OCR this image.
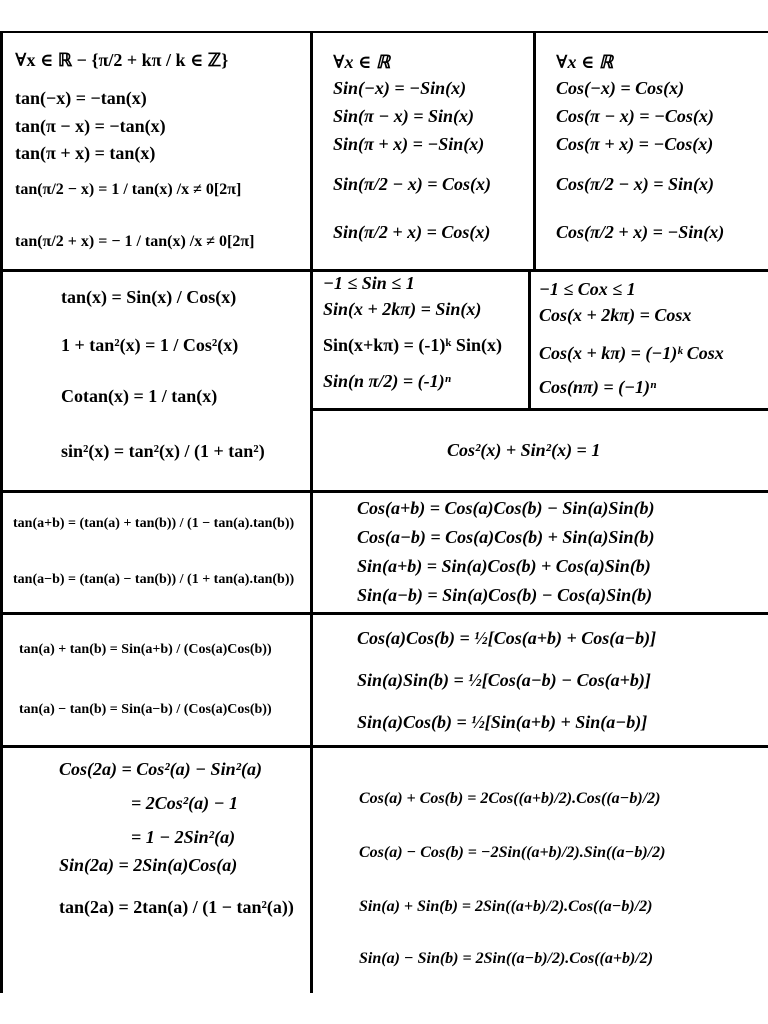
∀x ∈ ℝ − {π/2 + kπ / k ∈ ℤ}
tan(−x) = −tan(x)
tan(π − x) = −tan(x)
tan(π + x) = tan(x)
tan(π/2 − x) = 1 / tan(x) /x ≠ 0[2π]
tan(π/2 + x) = − 1 / tan(x) /x ≠ 0[2π]
∀x ∈ ℝ
Sin(−x) = −Sin(x)
Sin(π − x) = Sin(x)
Sin(π + x) = −Sin(x)
Sin(π/2 − x) = Cos(x)
Sin(π/2 + x) = Cos(x)
∀x ∈ ℝ
Cos(−x) = Cos(x)
Cos(π − x) = −Cos(x)
Cos(π + x) = −Cos(x)
Cos(π/2 − x) = Sin(x)
Cos(π/2 + x) = −Sin(x)
tan(x) = Sin(x) / Cos(x)
1 + tan²(x) = 1 / Cos²(x)
Cotan(x) = 1 / tan(x)
sin²(x) = tan²(x) / (1 + tan²)
−1 ≤ Sin ≤ 1
Sin(x + 2kπ) = Sin(x)
Sin(x+kπ) = (-1)ᵏ Sin(x)
Sin(n π/2) = (-1)ⁿ
−1 ≤ Cox ≤ 1
Cos(x + 2kπ) = Cosx
Cos(x + kπ) = (−1)ᵏ Cosx
Cos(nπ) = (−1)ⁿ
Cos²(x) + Sin²(x) = 1
tan(a+b) = (tan(a) + tan(b)) / (1 − tan(a).tan(b))
tan(a−b) = (tan(a) − tan(b)) / (1 + tan(a).tan(b))
Cos(a+b) = Cos(a)Cos(b) − Sin(a)Sin(b)
Cos(a−b) = Cos(a)Cos(b) + Sin(a)Sin(b)
Sin(a+b) = Sin(a)Cos(b) + Cos(a)Sin(b)
Sin(a−b) = Sin(a)Cos(b) − Cos(a)Sin(b)
tan(a) + tan(b) = Sin(a+b) / (Cos(a)Cos(b))
tan(a) − tan(b) = Sin(a−b) / (Cos(a)Cos(b))
Cos(a)Cos(b) = ½[Cos(a+b) + Cos(a−b)]
Sin(a)Sin(b) = ½[Cos(a−b) − Cos(a+b)]
Sin(a)Cos(b) = ½[Sin(a+b) + Sin(a−b)]
Cos(2a) = Cos²(a) − Sin²(a)
= 2Cos²(a) − 1
= 1 − 2Sin²(a)
Sin(2a) = 2Sin(a)Cos(a)
tan(2a) = 2tan(a) / (1 − tan²(a))
Cos(a) + Cos(b) = 2Cos((a+b)/2).Cos((a−b)/2)
Cos(a) − Cos(b) = −2Sin((a+b)/2).Sin((a−b)/2)
Sin(a) + Sin(b) = 2Sin((a+b)/2).Cos((a−b)/2)
Sin(a) − Sin(b) = 2Sin((a−b)/2).Cos((a+b)/2)
